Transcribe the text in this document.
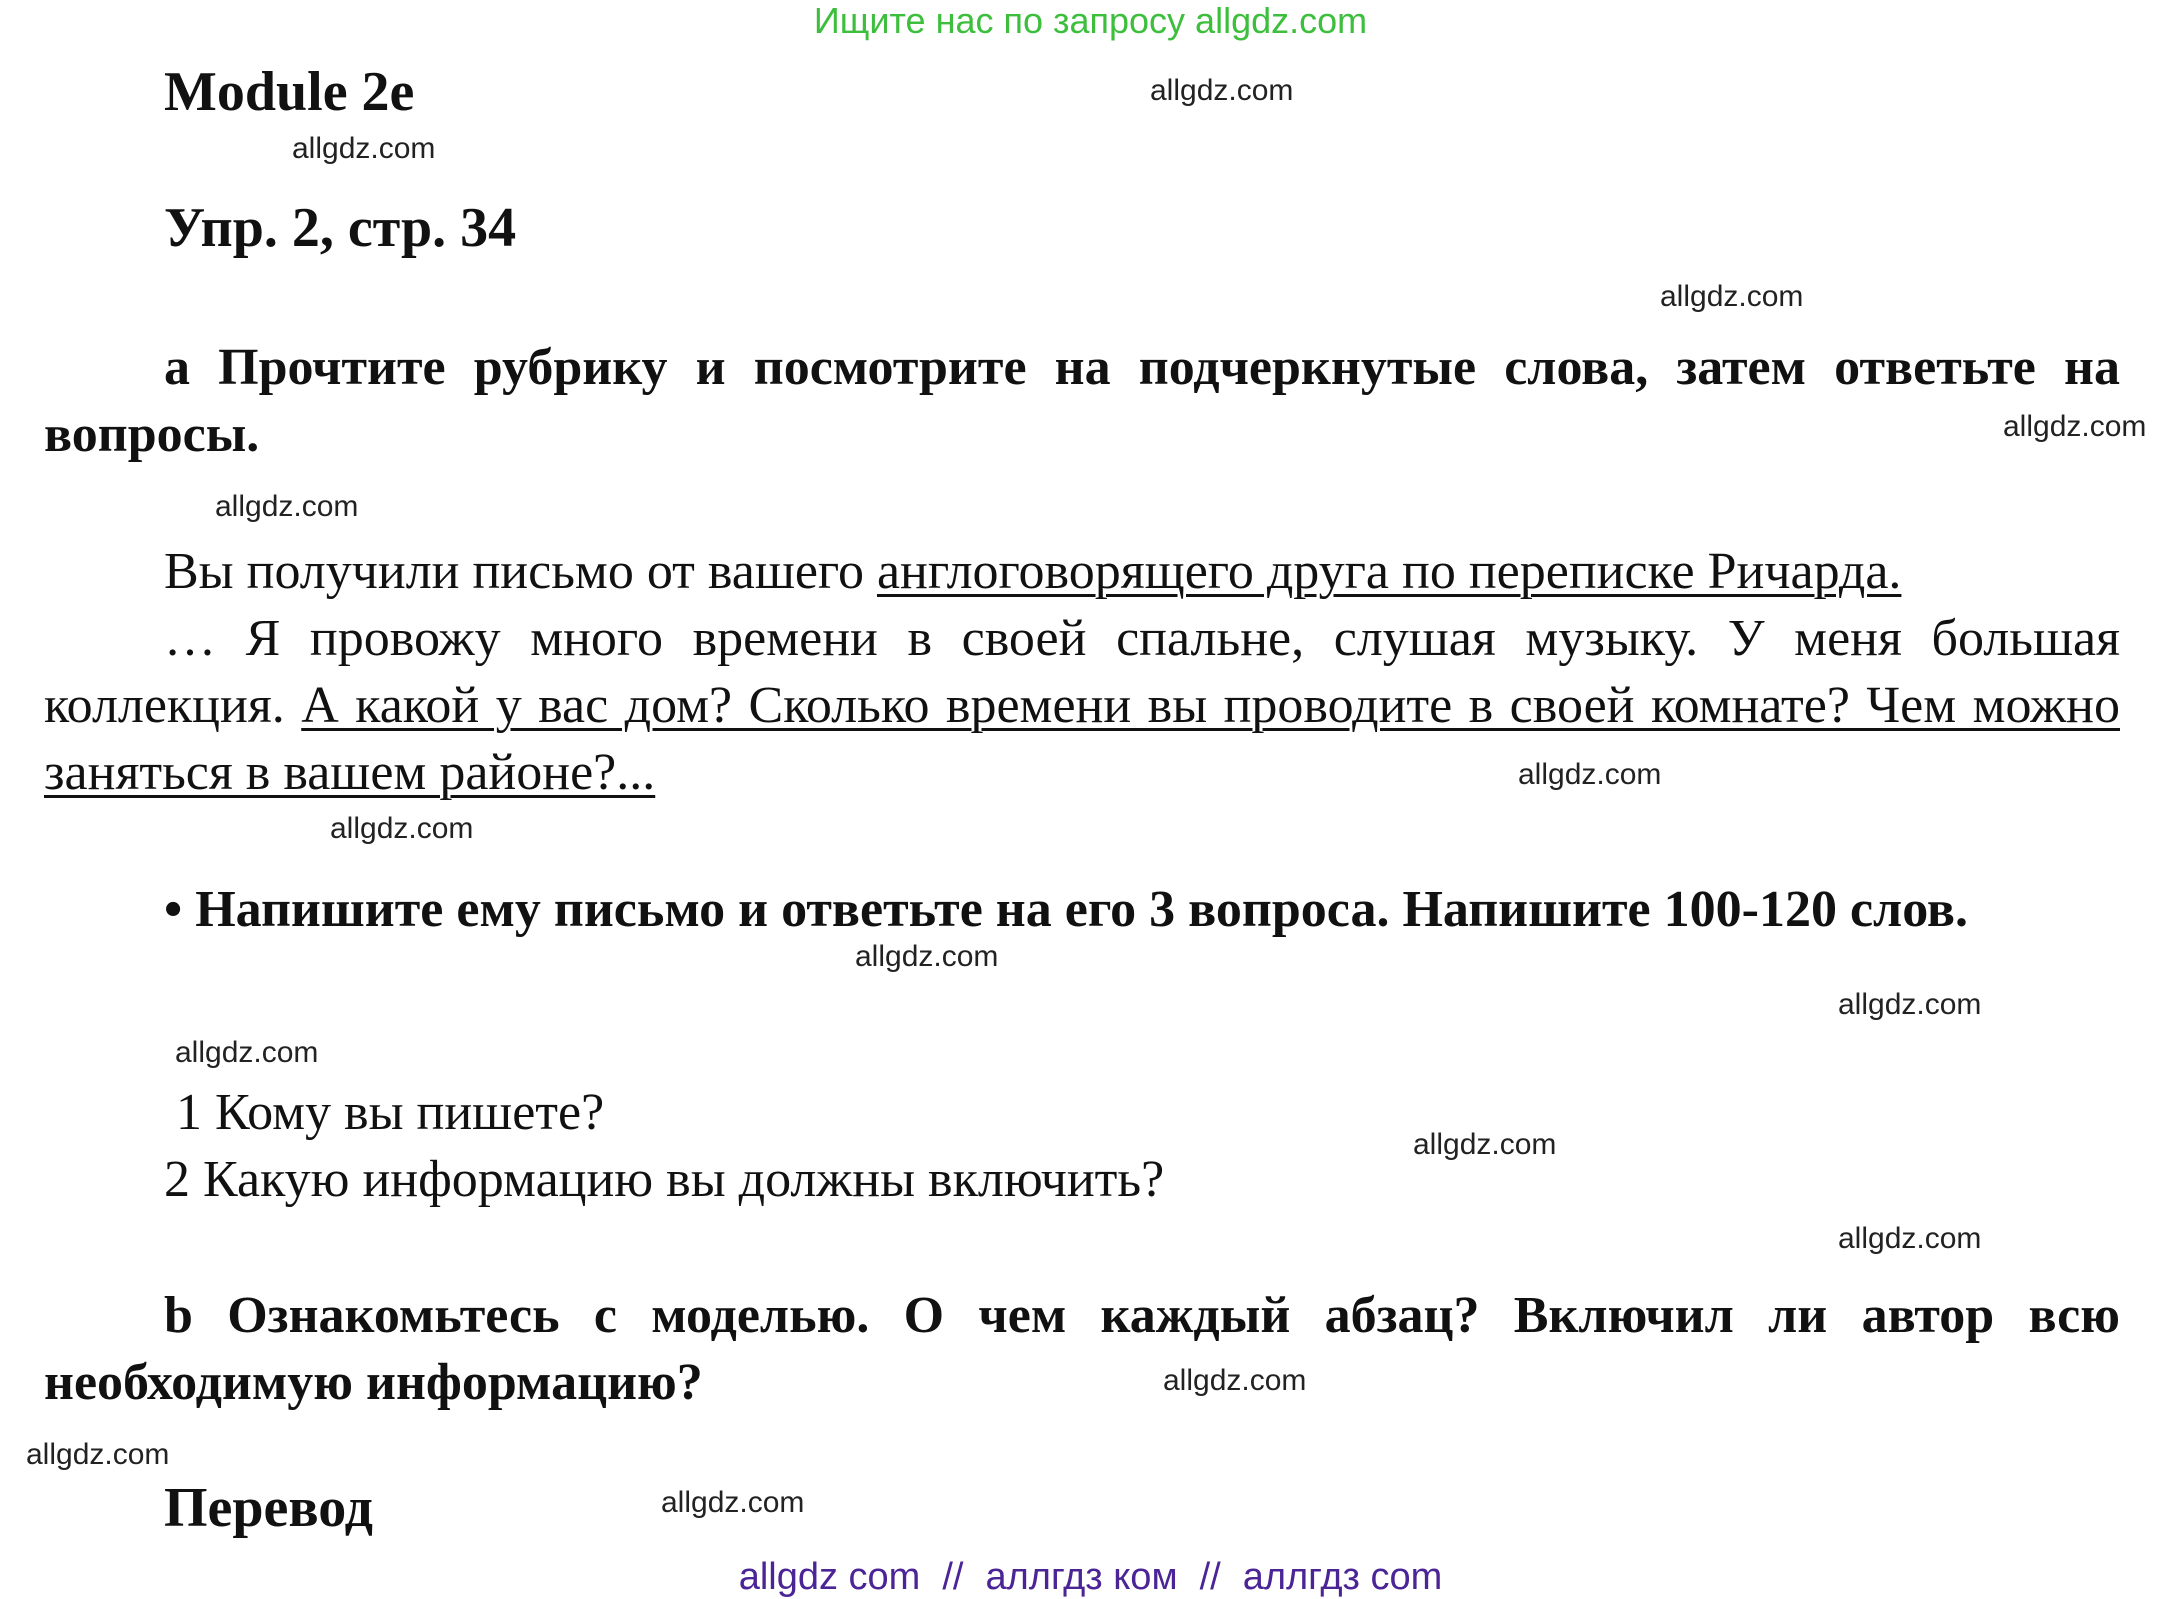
Ищите нас по запросу allgdz.com
Module 2e	allgdz.com
allgdz.com
Упр. 2, стр. 34
allgdz.com
a Прочтите рубрику и посмотрите на подчеркнутые слова, затем ответьте на вопросы.	allgdz.com
allgdz.com
Вы получили письмо от вашего англоговорящего друга по переписке Ричарда.
… Я провожу много времени в своей спальне, слушая музыку. У меня большая коллекция. А какой у вас дом? Сколько времени вы проводите в своей комнате? Чем можно заняться в вашем районе?...	allgdz.com
allgdz.com
• Напишите ему письмо и ответьте на его 3 вопроса. Напишите 100-120 слов.
allgdz.com
allgdz.com
allgdz.com
1 Кому вы пишете?
allgdz.com
2 Какую информацию вы должны включить?
allgdz.com
b Ознакомьтесь с моделью. О чем каждый абзац? Включил ли автор всю необходимую информацию?	allgdz.com
allgdz.com
Перевод	allgdz.com
allgdz com // аллгдз ком // аллгдз com
